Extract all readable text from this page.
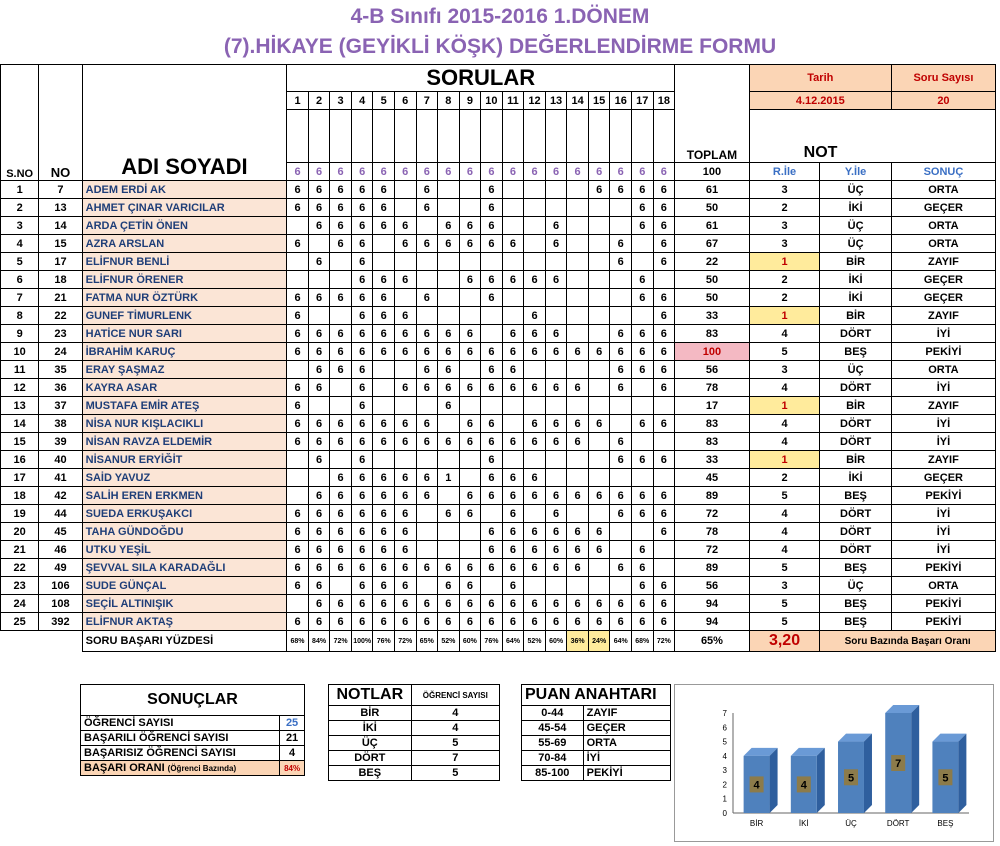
4-B Sınıfı 2015-2016 1.DÖNEM
(7).HİKAYE (GEYİKLİ KÖŞK) DEĞERLENDİRME FORMU
S.NO	NO	ADI SOYADI	SORULAR																		TOPLAM	Tarih		Soru Sayısı
			1	2	3	4	5	6	7	8	9	10	11	12	13	14	15	16	17	18		4.12.2015		20
																						NOT		
			6	6	6	6	6	6	6	6	6	6	6	6	6	6	6	6	6	6	100	R.İle	Y.İle	SONUÇ
1	7	ADEM ERDİ AK	6	6	6	6	6		6			6					6	6	6	6	61	3	ÜÇ	ORTA
2	13	AHMET ÇINAR VARICILAR	6	6	6	6	6		6			6							6	6	50	2	İKİ	GEÇER
3	14	ARDA ÇETİN ÖNEN		6	6	6	6	6		6	6	6			6				6	6	61	3	ÜÇ	ORTA
4	15	AZRA ARSLAN	6		6	6		6	6	6	6	6	6		6			6		6	67	3	ÜÇ	ORTA
5	17	ELİFNUR BENLİ		6		6												6		6	22	1	BİR	ZAYIF
6	18	ELİFNUR ÖRENER				6	6	6			6	6	6	6	6				6		50	2	İKİ	GEÇER
7	21	FATMA NUR ÖZTÜRK	6	6	6	6	6		6			6							6	6	50	2	İKİ	GEÇER
8	22	GUNEF TİMURLENK	6			6	6	6						6						6	33	1	BİR	ZAYIF
9	23	HATİCE NUR SARI	6	6	6	6	6	6	6	6	6		6	6	6			6	6	6	83	4	DÖRT	İYİ
10	24	İBRAHİM KARUÇ	6	6	6	6	6	6	6	6	6	6	6	6	6	6	6	6	6	6	100	5	BEŞ	PEKİYİ
11	35	ERAY ŞAŞMAZ		6	6	6			6	6		6	6					6	6	6	56	3	ÜÇ	ORTA
12	36	KAYRA ASAR	6	6		6		6	6	6	6	6	6	6	6	6		6		6	78	4	DÖRT	İYİ
13	37	MUSTAFA EMİR ATEŞ	6			6				6											17	1	BİR	ZAYIF
14	38	NİSA NUR KIŞLACIKLI	6	6	6	6	6	6	6		6	6		6	6	6	6		6	6	83	4	DÖRT	İYİ
15	39	NİSAN RAVZA ELDEMİR	6	6	6	6	6	6	6	6	6	6	6	6	6	6		6			83	4	DÖRT	İYİ
16	40	NİSANUR ERYİĞİT		6		6						6						6	6	6	33	1	BİR	ZAYIF
17	41	SAİD YAVUZ			6	6	6	6	6	1		6	6	6							45	2	İKİ	GEÇER
18	42	SALİH EREN ERKMEN		6	6	6	6	6	6		6	6	6	6	6	6	6	6	6	6	89	5	BEŞ	PEKİYİ
19	44	SUEDA ERKUŞAKCI	6	6	6	6	6	6		6	6		6		6			6	6	6	72	4	DÖRT	İYİ
20	45	TAHA GÜNDOĞDU	6	6	6	6	6	6				6	6	6	6	6	6			6	78	4	DÖRT	İYİ
21	46	UTKU YEŞİL	6	6	6	6	6	6				6	6	6	6	6	6		6		72	4	DÖRT	İYİ
22	49	ŞEVVAL SILA KARADAĞLI	6	6	6	6	6	6	6	6	6	6	6	6	6	6		6	6		89	5	BEŞ	PEKİYİ
23	106	SUDE GÜNÇAL	6	6		6	6	6		6	6		6						6	6	56	3	ÜÇ	ORTA
24	108	SEÇİL ALTINIŞIK		6	6	6	6	6	6	6	6	6	6	6	6	6	6	6	6	6	94	5	BEŞ	PEKİYİ
25	392	ELİFNUR AKTAŞ	6	6	6	6	6	6	6	6	6	6	6	6	6	6	6	6	6	6	94	5	BEŞ	PEKİYİ
		SORU BAŞARI YÜZDESİ	68%	84%	72%	100%	76%	72%	65%	52%	60%	76%	64%	52%	60%	36%	24%	64%	68%	72%	65%	3,20	Soru Bazında Başarı Oranı	
SONUÇLAR	
ÖĞRENCİ SAYISI	25
BAŞARILI ÖĞRENCİ SAYISI	21
BAŞARISIZ ÖĞRENCİ SAYISI	4
BAŞARI ORANI (Öğrenci Bazında)	84%
NOTLAR	ÖĞRENCİ SAYISI
BİR	4
İKİ	4
ÜÇ	5
DÖRT	7
BEŞ	5
PUAN ANAHTARI	
0-44	ZAYIF
45-54	GEÇER
55-69	ORTA
70-84	İYİ
85-100	PEKİYİ
0
1
2
3
4
5
6
7
4
BİR
4
İKİ
5
ÜÇ
7
DÖRT
5
BEŞ
